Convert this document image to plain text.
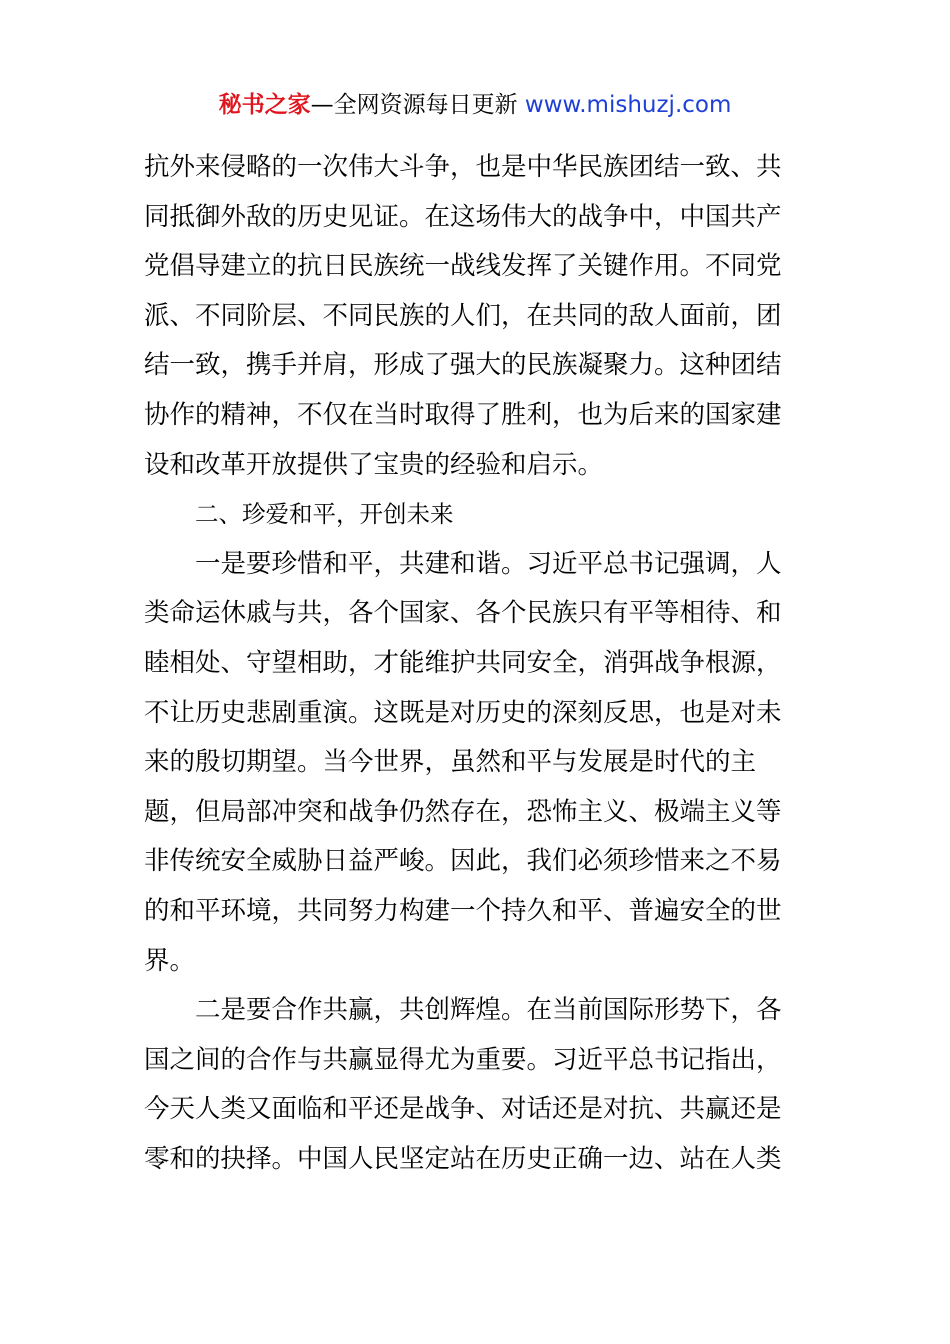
秘书之家—全网资源每日更新 www.mishuzj.com
抗外来侵略的一次伟大斗争，也是中华民族团结一致、共
同抵御外敌的历史见证。在这场伟大的战争中，中国共产
党倡导建立的抗日民族统一战线发挥了关键作用。不同党
派、不同阶层、不同民族的人们，在共同的敌人面前，团
结一致，携手并肩，形成了强大的民族凝聚力。这种团结
协作的精神，不仅在当时取得了胜利，也为后来的国家建
设和改革开放提供了宝贵的经验和启示。
二、珍爱和平，开创未来
一是要珍惜和平，共建和谐。习近平总书记强调，人
类命运休戚与共，各个国家、各个民族只有平等相待、和
睦相处、守望相助，才能维护共同安全，消弭战争根源，
不让历史悲剧重演。这既是对历史的深刻反思，也是对未
来的殷切期望。当今世界，虽然和平与发展是时代的主
题，但局部冲突和战争仍然存在，恐怖主义、极端主义等
非传统安全威胁日益严峻。因此，我们必须珍惜来之不易
的和平环境，共同努力构建一个持久和平、普遍安全的世
界。
二是要合作共赢，共创辉煌。在当前国际形势下，各
国之间的合作与共赢显得尤为重要。习近平总书记指出，
今天人类又面临和平还是战争、对话还是对抗、共赢还是
零和的抉择。中国人民坚定站在历史正确一边、站在人类
